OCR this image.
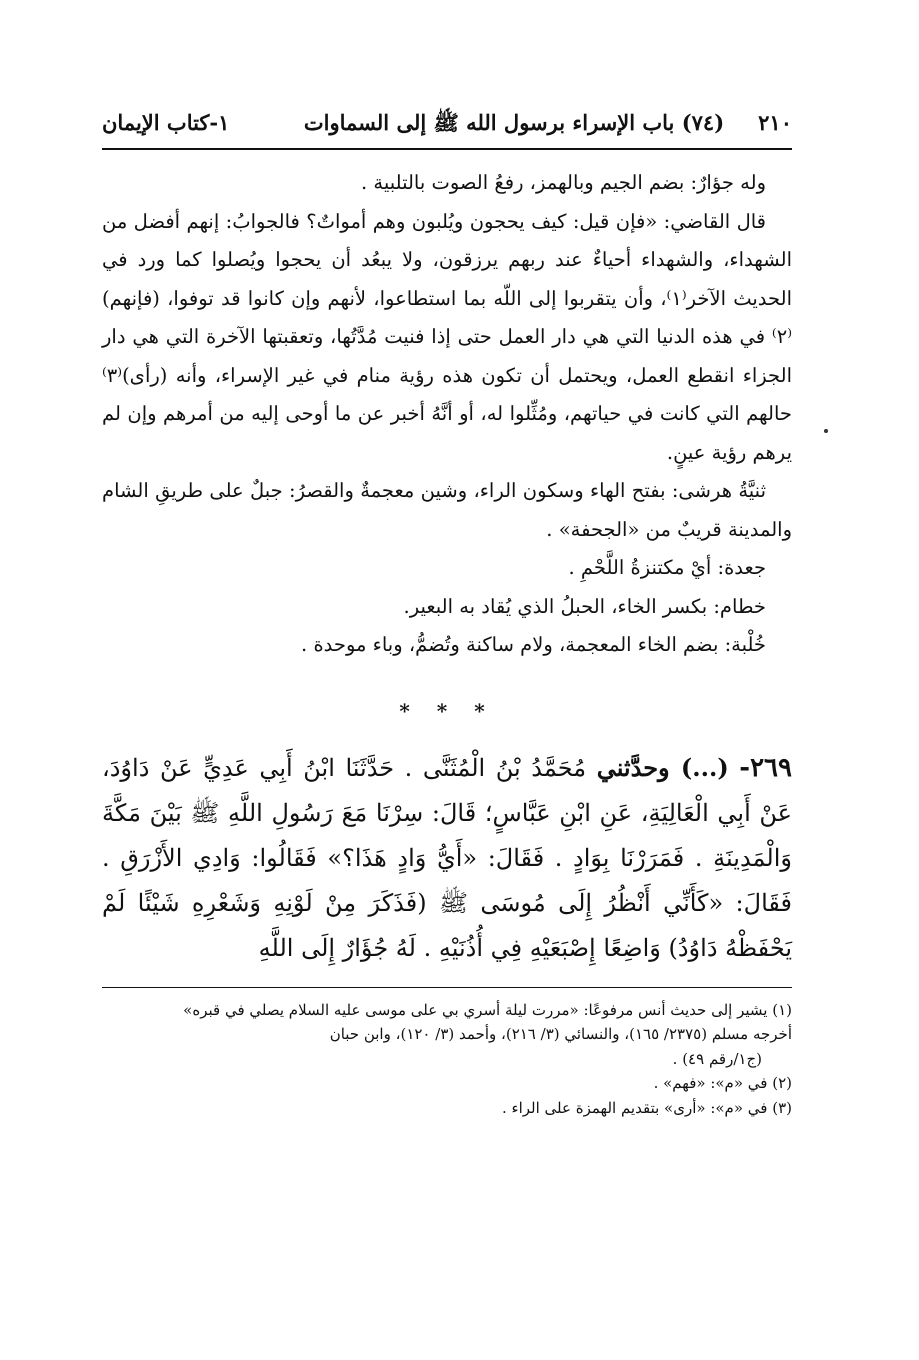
٢١٠
(٧٤) باب الإسراء برسول الله ﷺ إلى السماوات
١-كتاب الإيمان

وله جؤارٌ: بضم الجيم وبالهمز، رفعُ الصوت بالتلبية .

قال القاضي: «فإن قيل: كيف يحجون ويُلبون وهم أمواتٌ؟ فالجوابُ: إنهم أفضل من الشهداء، والشهداء أحياءٌ عند ربهم يرزقون، ولا يبعُد أن يحجوا ويُصلوا كما ورد في الحديث الآخر⁽١⁾، وأن يتقربوا إلى اللّه بما استطاعوا، لأنهم وإن كانوا قد توفوا، (فإنهم)⁽٢⁾ في هذه الدنيا التي هي دار العمل حتى إذا فنيت مُدَّتُها، وتعقبتها الآخرة التي هي دار الجزاء انقطع العمل، ويحتمل أن تكون هذه رؤية منام في غير الإسراء، وأنه (رأى)⁽٣⁾ حالهم التي كانت في حياتهم، ومُثِّلوا له، أو أنَّهُ أخبر عن ما أوحى إليه من أمرهم وإن لم يرهم رؤية عينٍ.

ثنيَّةُ هرشى: بفتح الهاء وسكون الراء، وشين معجمةٌ والقصرُ: جبلٌ على طريقِ الشام والمدينة قريبٌ من «الجحفة» .

جعدة: أيْ مكتنزةُ اللَّحْمِ .

خطام: بكسر الخاء، الحبلُ الذي يُقاد به البعير.

خُلْبة: بضم الخاء المعجمة، ولام ساكنة وتُضمُّ، وباء موحدة .

* * *

٢٦٩- (...) وحدَّثني مُحَمَّدُ بْنُ الْمُثَنَّى . حَدَّثَنَا ابْنُ أَبِي عَدِيٍّ عَنْ دَاوُدَ، عَنْ أَبِي الْعَالِيَةِ، عَنِ ابْنِ عَبَّاسٍ؛ قَالَ: سِرْنَا مَعَ رَسُولِ اللَّهِ ﷺ بَيْنَ مَكَّةَ وَالْمَدِينَةِ . فَمَرَرْنَا بِوَادٍ . فَقَالَ: «أَيُّ وَادٍ هَذَا؟» فَقَالُوا: وَادِي الأَزْرَقِ . فَقَالَ: «كَأَنِّي أَنْظُرُ إِلَى مُوسَى ﷺ (فَذَكَرَ مِنْ لَوْنِهِ وَشَعْرِهِ شَيْئًا لَمْ يَحْفَظْهُ دَاوُدُ) وَاضِعًا إِصْبَعَيْهِ فِي أُذُنَيْهِ . لَهُ جُؤَارٌ إِلَى اللَّهِ

(١) يشير إلى حديث أنس مرفوعًا: «مررت ليلة أسري بي على موسى عليه السلام يصلي في قبره»

أخرجه مسلم (٢٣٧٥/ ١٦٥)، والنسائي (٣/ ٢١٦)، وأحمد (٣/ ١٢٠)، وابن حبان

(ج١/رقم ٤٩) .

(٢) في «م»: «فهم» .

(٣) في «م»: «أرى» بتقديم الهمزة على الراء .
